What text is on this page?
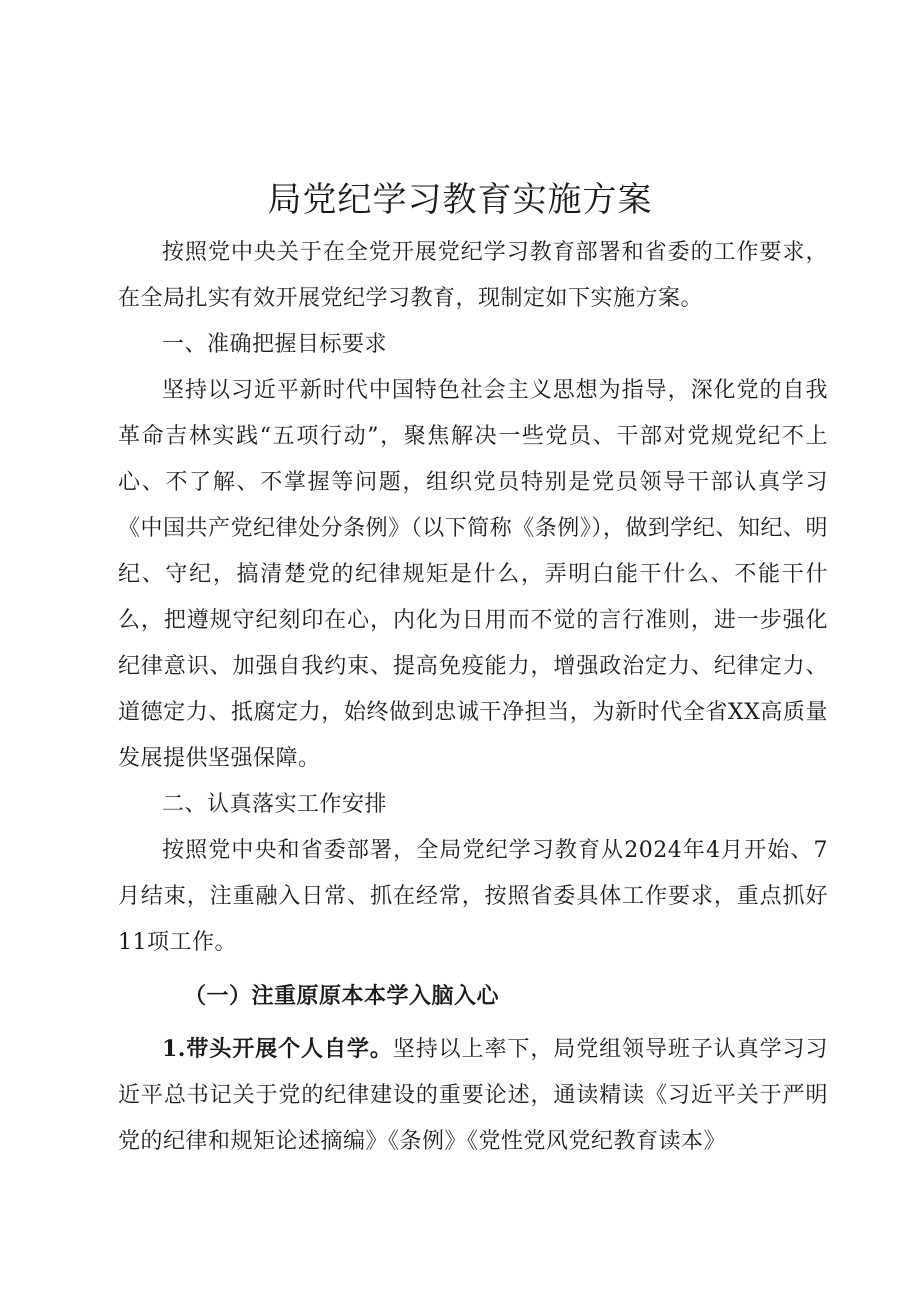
局党纪学习教育实施方案

按照党中央关于在全党开展党纪学习教育部署和省委的工作要求，在全局扎实有效开展党纪学习教育，现制定如下实施方案。

一、准确把握目标要求

坚持以习近平新时代中国特色社会主义思想为指导，深化党的自我革命吉林实践“五项行动”，聚焦解决一些党员、干部对党规党纪不上心、不了解、不掌握等问题，组织党员特别是党员领导干部认真学习《中国共产党纪律处分条例》（以下简称《条例》），做到学纪、知纪、明纪、守纪，搞清楚党的纪律规矩是什么，弄明白能干什么、不能干什么，把遵规守纪刻印在心，内化为日用而不觉的言行准则，进一步强化纪律意识、加强自我约束、提高免疫能力，增强政治定力、纪律定力、道德定力、抵腐定力，始终做到忠诚干净担当，为新时代全省XX高质量发展提供坚强保障。

二、认真落实工作安排

按照党中央和省委部署，全局党纪学习教育从2024年4月开始、7月结束，注重融入日常、抓在经常，按照省委具体工作要求，重点抓好11项工作。

（一）注重原原本本学入脑入心

1.带头开展个人自学。坚持以上率下，局党组领导班子认真学习习近平总书记关于党的纪律建设的重要论述，通读精读《习近平关于严明党的纪律和规矩论述摘编》《条例》《党性党风党纪教育读本》
